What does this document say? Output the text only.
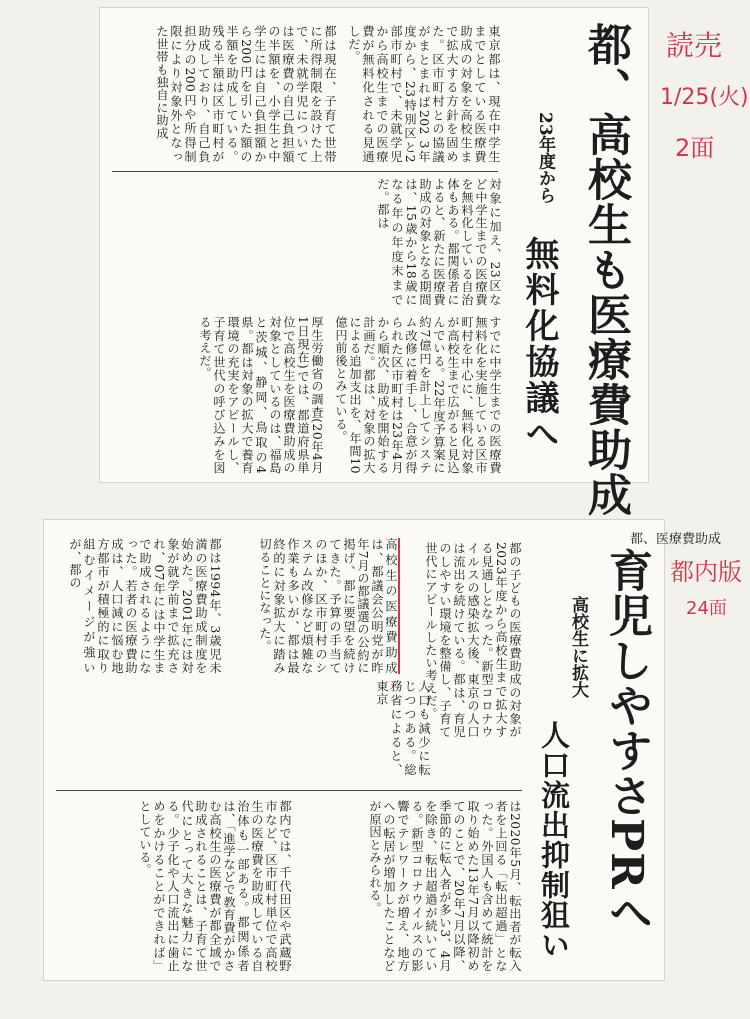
都、高校生も医療費助成
23年度から
無料化協議へ
東京都は、現在中学生までとしている医療費助成の対象を高校生まで拡大する方針を固めた。区市町村との協議がまとまれば202 3年度から、23特別区と2 部市町村で、未就学児から高校生までの医療費が無料化される見通しだ。
都は現在、子育て世帯に所得制限を設けた上で、未就学児については医療費の自己負担額の半額を、小学生と中学生には自己負担額から200円を引いた額の半額を助成している。残る半額は区市町村が助成しており、自己負担分の200円や所得制限により対象外となった世帯も独自に助成
対象に加え、23区など中学生までの医療費を無料化している自治体もある。都関係者によると、新たに医療費助成の対象となる期間は、15歳から18歳になる年の年度末までだ。都は
すでに中学生までの医療費無料化を実施している区市町村を中心に、無料化対象が高校生まで広がると見込んでいる。22年度予算案に約7億円を計上してシステム改修に着手し、合意が得られた区市町村は23年4月から順次、助成を開始する計画だ。都は、対象の拡大による追加支出を、年間10億円前後とみている。
厚生労働省の調査(20年4月1日現在)では、都道府県単位で高校生を医療費助成の対象としているのは、福島と茨城、静岡、鳥取の4県。都は対象の拡大で養育環境の充実をアピールし、子育て世代の呼び込みを図る考えだ。
都、医療費助成
育児しやすさPRへ
高校生に拡大
人口流出抑制狙い
都の子どもの医療費助成の対象が2023年度から高校生まで拡大する見通しとなった。新型コロナウイルスの感染拡大後、東京の人口は流出を続けている。都は、育児のしやすい環境を整備し、子育て世代にアピールしたい考えだ。
人口も減少に転じつつある。総務省によると、東京
高校生の医療費助成は、都議会公明党が昨年7月の都議選の公約に掲げ、都に要望を続けてきた。予算の手当てのほか、区市町村のシステム改修など煩雑な作業も多いが、都は最終的に対象拡大に踏み切ることになった。
都は1994年、3歳児未満の医療費助成制度を始めた。2001年には対象が就学前まで拡充され、07年には中学生まで助成されるようになった。若者の医療費助成は、人口減に悩む地方都市が積極的に取り組むイメージが強いが、都の
は2020年5月、転出者が転入者を上回る「転出超過」となった。外国人も含めて統計を取り始めた13年7月以降初めてのことで、20年7月以降、季節的に転入者が多い3、4月を除き、転出超過が続いている。新型コロナウイルスの影響でテレワークが増え、地方への転居が増加したことなどが原因とみられる。
都内では、千代田区や武蔵野市など、区市町村単位で高校生の医療費を助成している自治体も一部ある。都関係者は、「進学などで教育費がかさむ高校生の医療費が都全域で助成されることは、子育て世代にとって大きな魅力になる。少子化や人口流出に歯止めをかけることができれば」としている。
読売
1/25(火)
2面
都内版
24面
